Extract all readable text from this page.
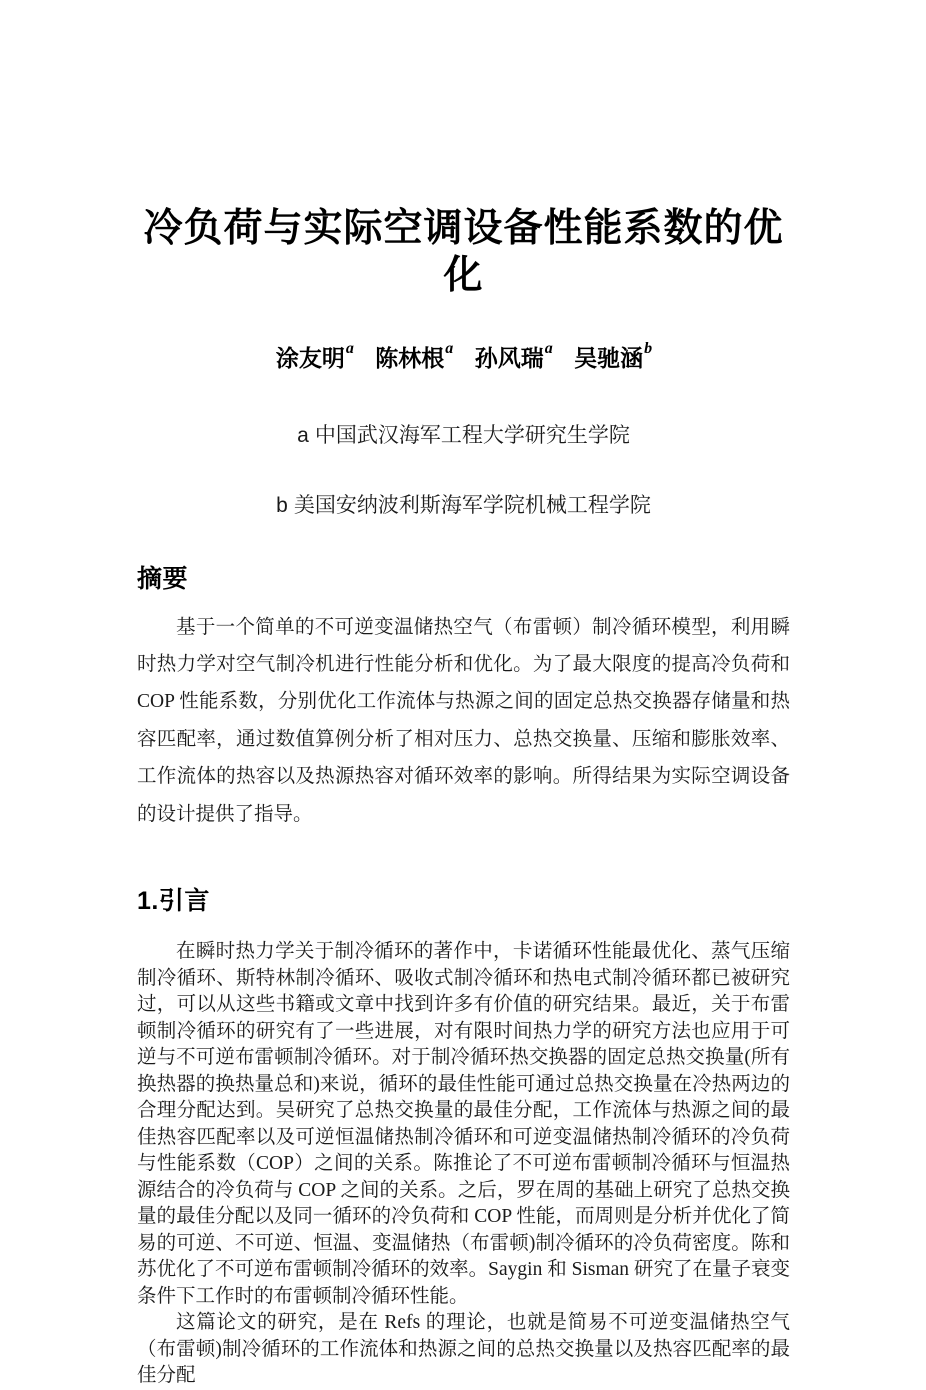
冷负荷与实际空调设备性能系数的优化
涂友明$^a$ 陈林根$^a$ 孙风瑞$^a$ 吴驰涵$^b$

a 中国武汉海军工程大学研究生学院

b 美国安纳波利斯海军学院机械工程学院

摘要

基于一个简单的不可逆变温储热空气（布雷顿）制冷循环模型，利用瞬时热力学对空气制冷机进行性能分析和优化。为了最大限度的提高冷负荷和 COP 性能系数，分别优化工作流体与热源之间的固定总热交换器存储量和热容匹配率，通过数值算例分析了相对压力、总热交换量、压缩和膨胀效率、工作流体的热容以及热源热容对循环效率的影响。所得结果为实际空调设备的设计提供了指导。

1.引言

在瞬时热力学关于制冷循环的著作中，卡诺循环性能最优化、蒸气压缩制冷循环、斯特林制冷循环、吸收式制冷循环和热电式制冷循环都已被研究过，可以从这些书籍或文章中找到许多有价值的研究结果。最近，关于布雷顿制冷循环的研究有了一些进展，对有限时间热力学的研究方法也应用于可逆与不可逆布雷顿制冷循环。对于制冷循环热交换器的固定总热交换量(所有换热器的换热量总和)来说，循环的最佳性能可通过总热交换量在冷热两边的合理分配达到。吴研究了总热交换量的最佳分配，工作流体与热源之间的最佳热容匹配率以及可逆恒温储热制冷循环和可逆变温储热制冷循环的冷负荷与性能系数（COP）之间的关系。陈推论了不可逆布雷顿制冷循环与恒温热源结合的冷负荷与 COP 之间的关系。之后，罗在周的基础上研究了总热交换量的最佳分配以及同一循环的冷负荷和 COP 性能，而周则是分析并优化了简易的可逆、不可逆、恒温、变温储热（布雷顿)制冷循环的冷负荷密度。陈和苏优化了不可逆布雷顿制冷循环的效率。Saygin 和 Sisman 研究了在量子衰变条件下工作时的布雷顿制冷循环性能。

这篇论文的研究，是在 Refs 的理论，也就是简易不可逆变温储热空气（布雷顿)制冷循环的工作流体和热源之间的总热交换量以及热容匹配率的最佳分配
